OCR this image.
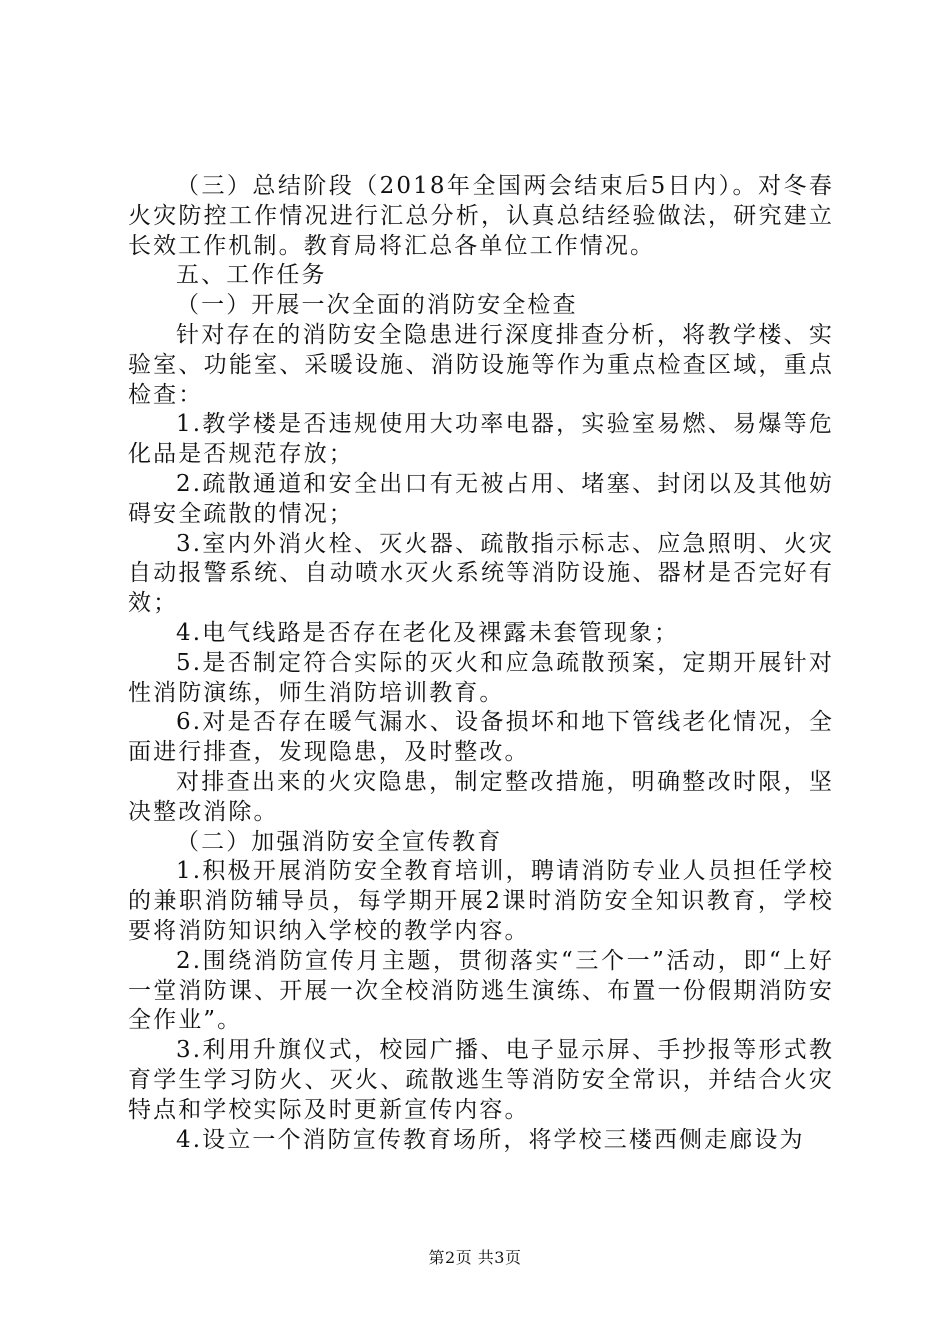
（三）总结阶段（2018年全国两会结束后5日内）。对冬春火灾防控工作情况进行汇总分析，认真总结经验做法，研究建立长效工作机制。教育局将汇总各单位工作情况。

五、工作任务

（一）开展一次全面的消防安全检查

针对存在的消防安全隐患进行深度排查分析，将教学楼、实验室、功能室、采暖设施、消防设施等作为重点检查区域，重点检查：

1.教学楼是否违规使用大功率电器，实验室易燃、易爆等危化品是否规范存放；

2.疏散通道和安全出口有无被占用、堵塞、封闭以及其他妨碍安全疏散的情况；

3.室内外消火栓、灭火器、疏散指示标志、应急照明、火灾自动报警系统、自动喷水灭火系统等消防设施、器材是否完好有效；

4.电气线路是否存在老化及裸露未套管现象；

5.是否制定符合实际的灭火和应急疏散预案，定期开展针对性消防演练，师生消防培训教育。

6.对是否存在暖气漏水、设备损坏和地下管线老化情况，全面进行排查，发现隐患，及时整改。

对排查出来的火灾隐患，制定整改措施，明确整改时限，坚决整改消除。

（二）加强消防安全宣传教育

1.积极开展消防安全教育培训，聘请消防专业人员担任学校的兼职消防辅导员，每学期开展2课时消防安全知识教育，学校要将消防知识纳入学校的教学内容。

2.围绕消防宣传月主题，贯彻落实“三个一”活动，即“上好一堂消防课、开展一次全校消防逃生演练、布置一份假期消防安全作业”。

3.利用升旗仪式，校园广播、电子显示屏、手抄报等形式教育学生学习防火、灭火、疏散逃生等消防安全常识，并结合火灾特点和学校实际及时更新宣传内容。

4.设立一个消防宣传教育场所，将学校三楼西侧走廊设为

第2页 共3页
